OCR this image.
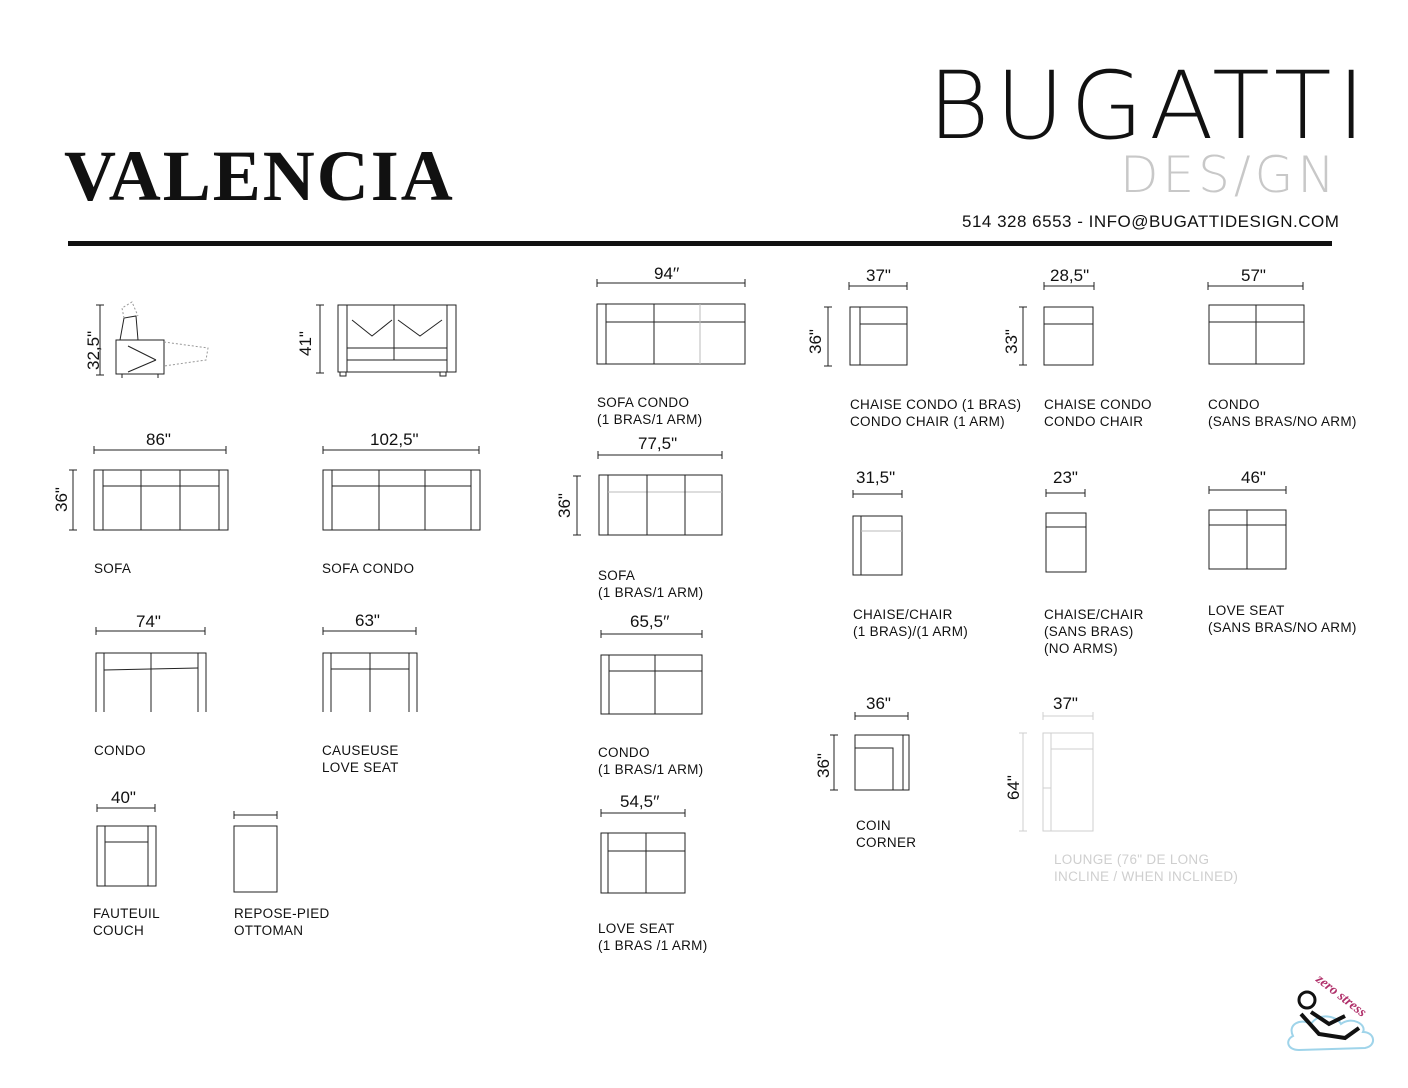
VALENCIA
BUGATTI
DES/GN
514 328 6553 - INFO@BUGATTIDESIGN.COM
32,5"	41"
94′′	37"
36"
28,5"
33"
57"
86"
36"
102,5"	77,5"
36"
31,5"	23"	46"
74"	63"	65,5′′
36"
36"
37"
64"
40"	54,5′′
SOFA CONDO
(1 BRAS/1 ARM)
CHAISE CONDO (1 BRAS)
CONDO CHAIR (1 ARM)
CHAISE CONDO
CONDO CHAIR
CONDO
(SANS BRAS/NO ARM)
SOFA	SOFA CONDO	SOFA
(1 BRAS/1 ARM)
CHAISE/CHAIR
(1 BRAS)/(1 ARM)
CHAISE/CHAIR
(SANS BRAS)
(NO ARMS)
LOVE SEAT
(SANS BRAS/NO ARM)
CONDO	CAUSEUSE
LOVE SEAT
CONDO
(1 BRAS/1 ARM)
COIN
CORNER
LOUNGE (76" DE LONG
INCLINE / WHEN INCLINED)
FAUTEUIL
COUCH
REPOSE-PIED
OTTOMAN	LOVE SEAT
(1 BRAS /1 ARM)
zero stress
